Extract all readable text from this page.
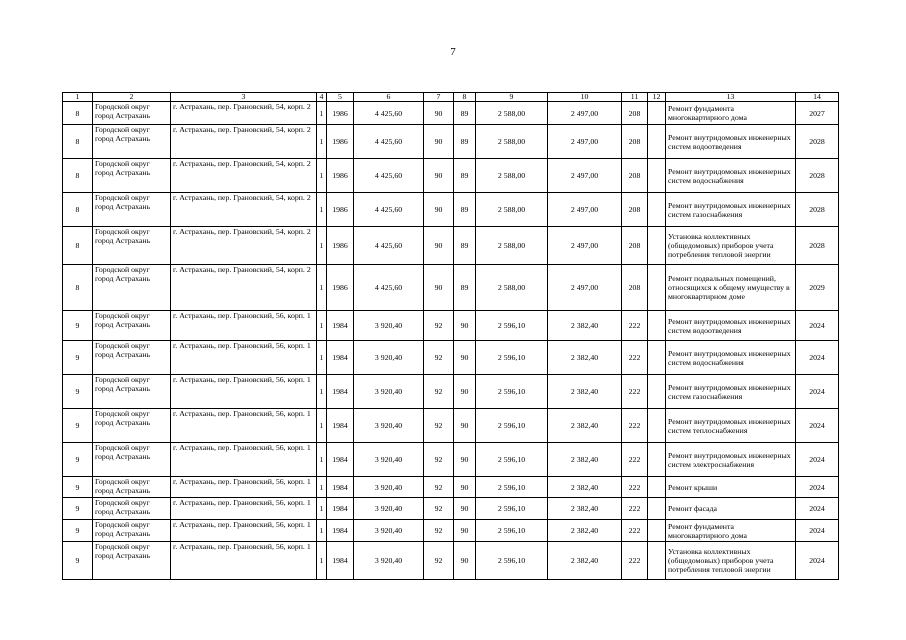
7
1	2	3	4	5	6	7	8	9	10	11	12	13	14
8	Городской округ город Астрахань	г. Астрахань, пер. Грановский, 54, корп. 2	1	1986	4 425,60	90	89	2 588,00	2 497,00	208		Ремонт фундамента многоквартирного дома	2027
8	Городской округ город Астрахань	г. Астрахань, пер. Грановский, 54, корп. 2	1	1986	4 425,60	90	89	2 588,00	2 497,00	208		Ремонт внутридомовых инженерных систем водоотведения	2028
8	Городской округ город Астрахань	г. Астрахань, пер. Грановский, 54, корп. 2	1	1986	4 425,60	90	89	2 588,00	2 497,00	208		Ремонт внутридомовых инженерных систем водоснабжения	2028
8	Городской округ город Астрахань	г. Астрахань, пер. Грановский, 54, корп. 2	1	1986	4 425,60	90	89	2 588,00	2 497,00	208		Ремонт внутридомовых инженерных систем газоснабжения	2028
8	Городской округ город Астрахань	г. Астрахань, пер. Грановский, 54, корп. 2	1	1986	4 425,60	90	89	2 588,00	2 497,00	208		Установка коллективных (общедомовых) приборов учета потребления тепловой энергии	2028
8	Городской округ город Астрахань	г. Астрахань, пер. Грановский, 54, корп. 2	1	1986	4 425,60	90	89	2 588,00	2 497,00	208		Ремонт подвальных помещений, относящихся к общему имуществу в многоквартирном доме	2029
9	Городской округ город Астрахань	г. Астрахань, пер. Грановский, 56, корп. 1	1	1984	3 920,40	92	90	2 596,10	2 382,40	222		Ремонт внутридомовых инженерных систем водоотведения	2024
9	Городской округ город Астрахань	г. Астрахань, пер. Грановский, 56, корп. 1	1	1984	3 920,40	92	90	2 596,10	2 382,40	222		Ремонт внутридомовых инженерных систем водоснабжения	2024
9	Городской округ город Астрахань	г. Астрахань, пер. Грановский, 56, корп. 1	1	1984	3 920,40	92	90	2 596,10	2 382,40	222		Ремонт внутридомовых инженерных систем газоснабжения	2024
9	Городской округ город Астрахань	г. Астрахань, пер. Грановский, 56, корп. 1	1	1984	3 920,40	92	90	2 596,10	2 382,40	222		Ремонт внутридомовых инженерных систем теплоснабжения	2024
9	Городской округ город Астрахань	г. Астрахань, пер. Грановский, 56, корп. 1	1	1984	3 920,40	92	90	2 596,10	2 382,40	222		Ремонт внутридомовых инженерных систем электроснабжения	2024
9	Городской округ город Астрахань	г. Астрахань, пер. Грановский, 56, корп. 1	1	1984	3 920,40	92	90	2 596,10	2 382,40	222		Ремонт крыши	2024
9	Городской округ город Астрахань	г. Астрахань, пер. Грановский, 56, корп. 1	1	1984	3 920,40	92	90	2 596,10	2 382,40	222		Ремонт фасада	2024
9	Городской округ город Астрахань	г. Астрахань, пер. Грановский, 56, корп. 1	1	1984	3 920,40	92	90	2 596,10	2 382,40	222		Ремонт фундамента многоквартирного дома	2024
9	Городской округ город Астрахань	г. Астрахань, пер. Грановский, 56, корп. 1	1	1984	3 920,40	92	90	2 596,10	2 382,40	222		Установка коллективных (общедомовых) приборов учета потребления тепловой энергии	2024
